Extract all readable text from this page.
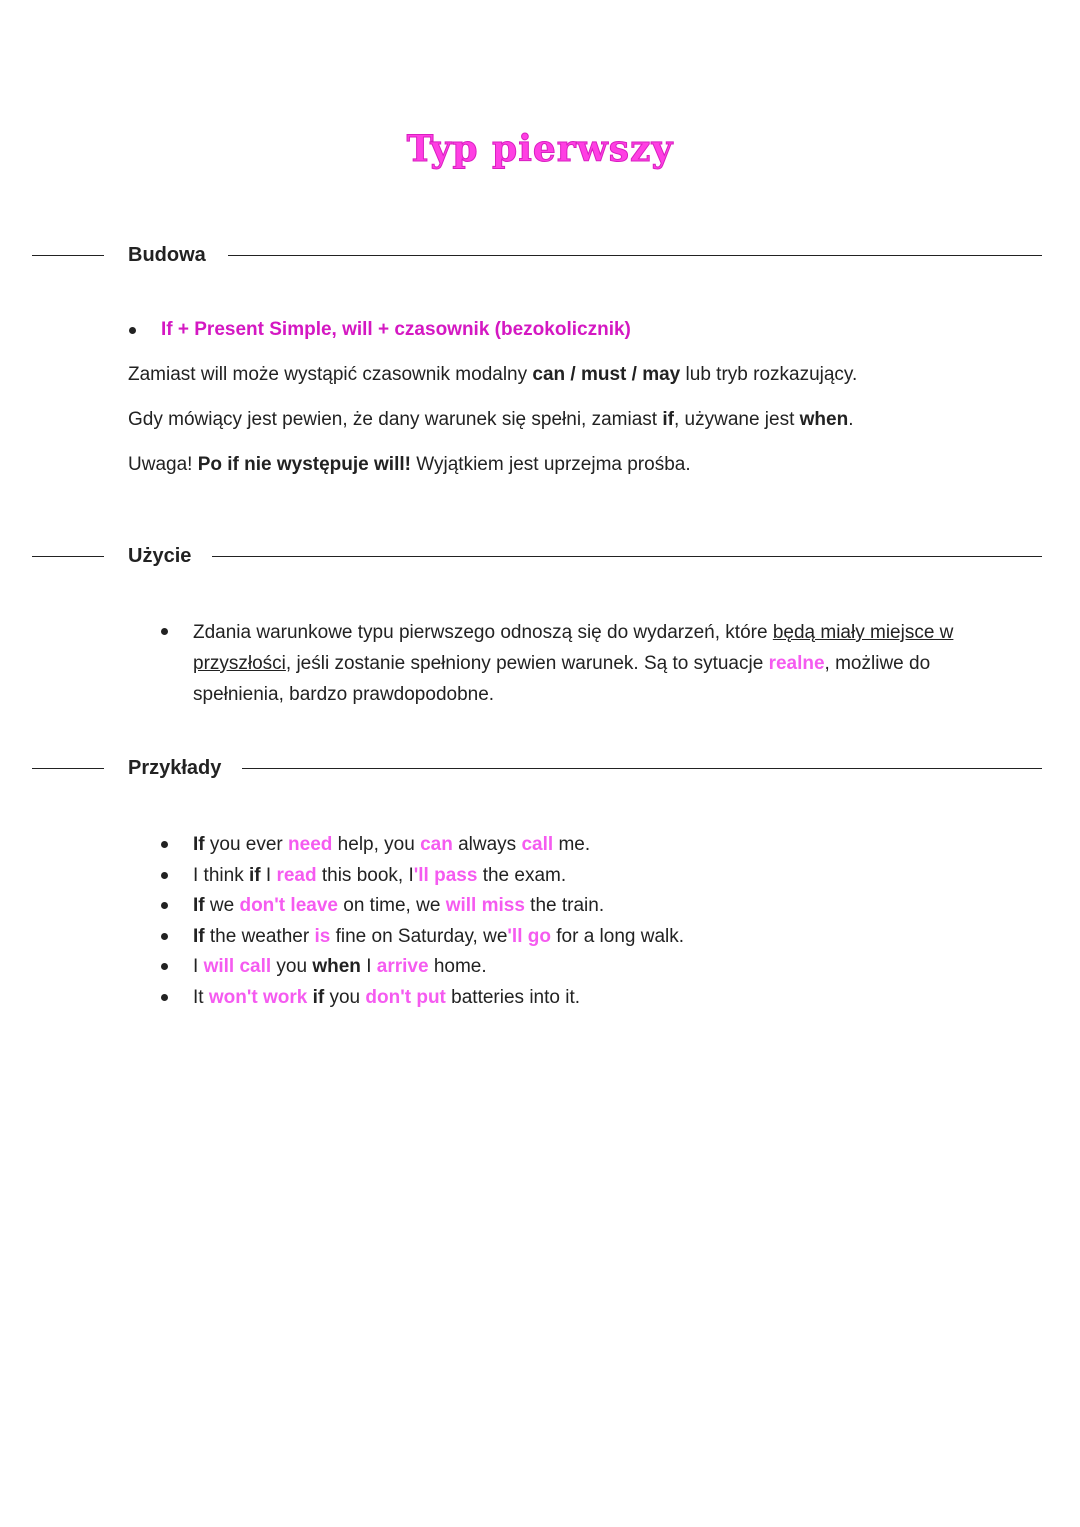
Typ pierwszy
Budowa
If + Present Simple, will + czasownik (bezokolicznik)
Zamiast will może wystąpić czasownik modalny can / must / may lub tryb rozkazujący.
Gdy mówiący jest pewien, że dany warunek się spełni, zamiast if, używane jest when.
Uwaga! Po if nie występuje will! Wyjątkiem jest uprzejma prośba.
Użycie
Zdania warunkowe typu pierwszego odnoszą się do wydarzeń, które będą miały miejsce w przyszłości, jeśli zostanie spełniony pewien warunek. Są to sytuacje realne, możliwe do spełnienia, bardzo prawdopodobne.
Przykłady
If you ever need help, you can always call me.
I think if I read this book, I'll pass the exam.
If we don't leave on time, we will miss the train.
If the weather is fine on Saturday, we'll go for a long walk.
I will call you when I arrive home.
It won't work if you don't put batteries into it.
